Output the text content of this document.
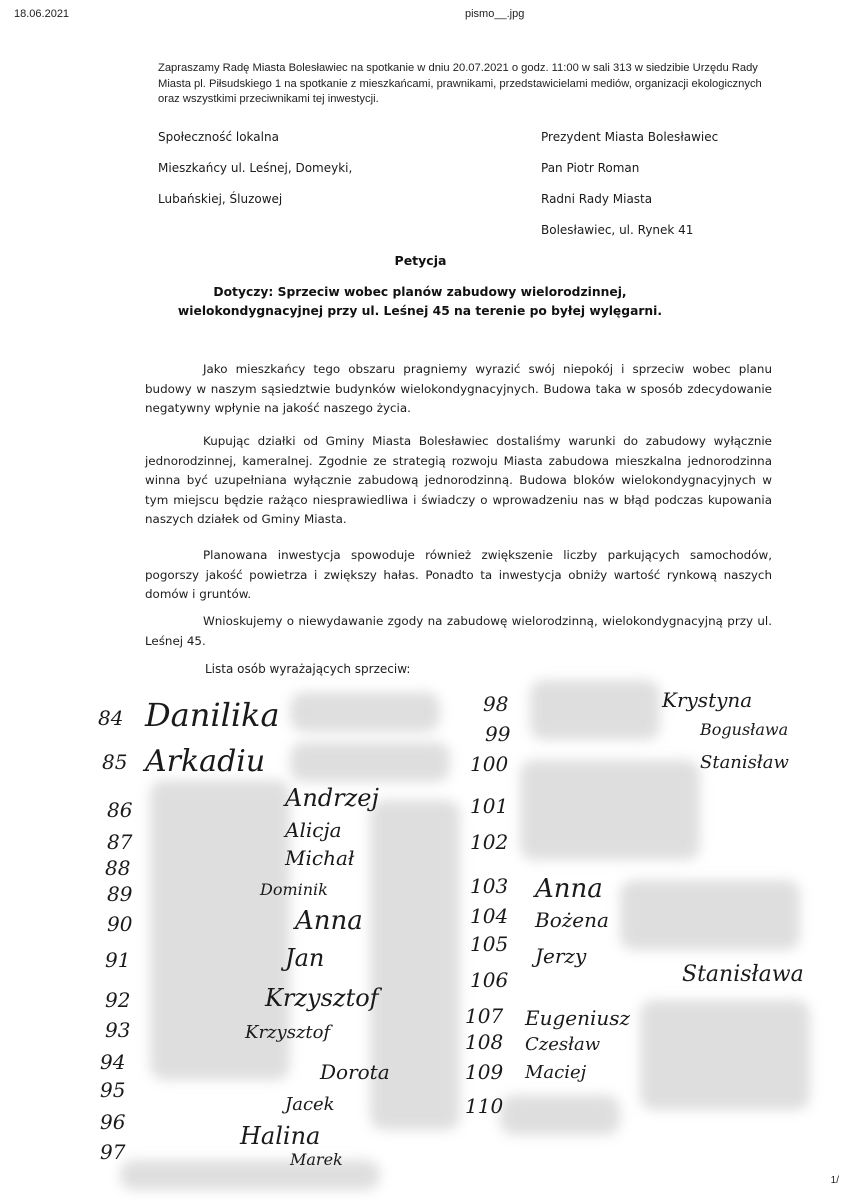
18.06.2021	pismo__.jpg
Zapraszamy Radę Miasta Bolesławiec na spotkanie w dniu 20.07.2021 o godz. 11:00 w sali 313 w siedzibie Urzędu Rady Miasta pl. Piłsudskiego 1 na spotkanie z mieszkańcami, prawnikami, przedstawicielami mediów, organizacji ekologicznych oraz wszystkimi przeciwnikami tej inwestycji.
Społeczność lokalna
Mieszkańcy ul. Leśnej, Domeyki,
Lubańskiej, Śluzowej
Prezydent Miasta Bolesławiec
Pan Piotr Roman
Radni Rady Miasta
Bolesławiec, ul. Rynek 41
Petycja
Dotyczy: Sprzeciw wobec planów zabudowy wielorodzinnej, wielokondygnacyjnej przy ul. Leśnej 45 na terenie po byłej wylęgarni.
Jako mieszkańcy tego obszaru pragniemy wyrazić swój niepokój i sprzeciw wobec planu budowy w naszym sąsiedztwie budynków wielokondygnacyjnych. Budowa taka w sposób zdecydowanie negatywny wpłynie na jakość naszego życia.
Kupując działki od Gminy Miasta Bolesławiec dostaliśmy warunki do zabudowy wyłącznie jednorodzinnej, kameralnej. Zgodnie ze strategią rozwoju Miasta zabudowa mieszkalna jednorodzinna winna być uzupełniana wyłącznie zabudową jednorodzinną. Budowa bloków wielokondygnacyjnych w tym miejscu będzie rażąco niesprawiedliwa i świadczy o wprowadzeniu nas w błąd podczas kupowania naszych działek od Gminy Miasta.
Planowana inwestycja spowoduje również zwiększenie liczby parkujących samochodów, pogorszy jakość powietrza i zwiększy hałas. Ponadto ta inwestycja obniży wartość rynkową naszych domów i gruntów.
Wnioskujemy o niewydawanie zgody na zabudowę wielorodzinną, wielokondygnacyjną przy ul. Leśnej 45.
Lista osób wyrażających sprzeciw:
84
85
86
87
88
89
90
91
92
93
94
95
96
97
Danilika
Arkadiu
Andrzej
Alicja
Michał
Dominik
Anna
Jan
Krzysztof
Krzysztof
Dorota
Jacek
Halina
Marek
98
99
100
101
102
103
104
105
106
107
108
109
110
Krystyna
Bogusława
Stanisław
Anna
Bożena
Jerzy
Stanisława
Eugeniusz
Czesław
Maciej
1/
